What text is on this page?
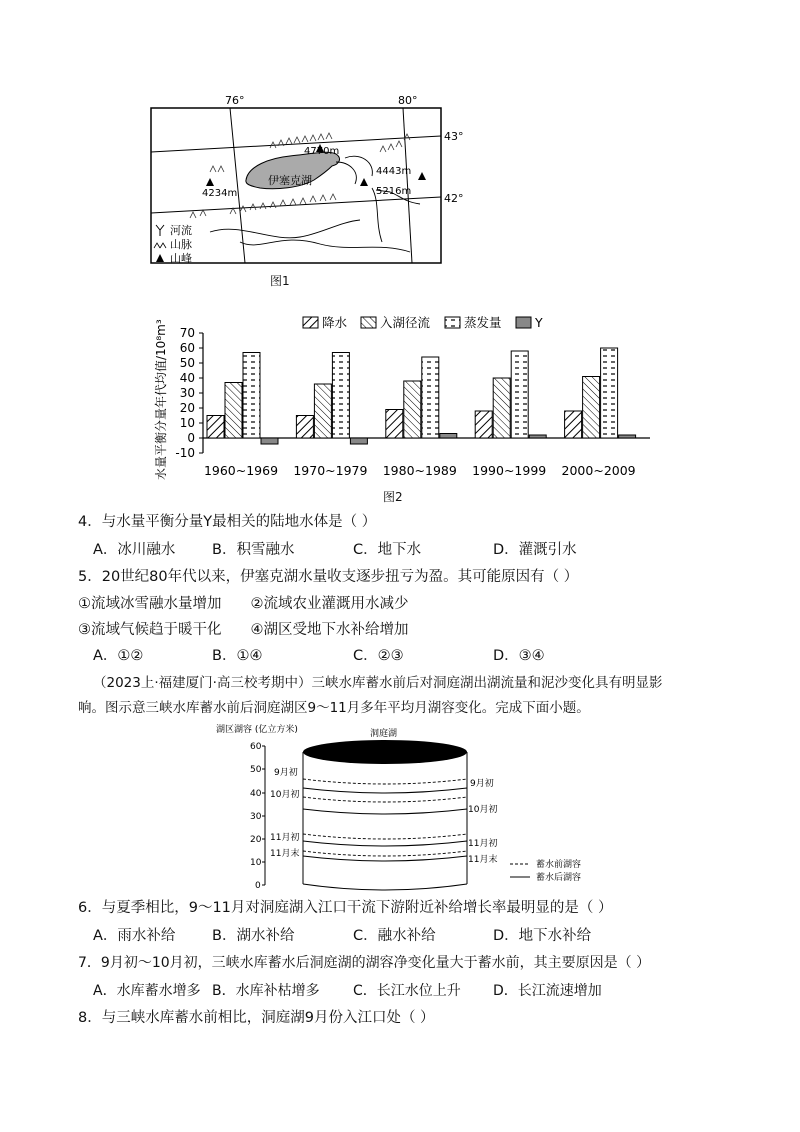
76°	80°
43°
42°
伊塞克湖
4770m
4234m
4443m
5216m
河流
山脉
山峰
图1
水量平衡分量年代均值/10⁸m³ -10
0
10
20
30
40
50
60
70
1960~1969 1970~1979 1980~1989 1990~1999 2000~2009
降水	入湖径流	蒸发量	Y
图2
4．与水量平衡分量Y最相关的陆地水体是（ ）
A．冰川融水	B．积雪融水	C．地下水	D．灌溉引水
5．20世纪80年代以来，伊塞克湖水量收支逐步扭亏为盈。其可能原因有（ ）
①流域冰雪融水量增加　　②流域农业灌溉用水减少
③流域气候趋于暖干化　　④湖区受地下水补给增加
A．①②	B．①④	C．②③	D．③④
（2023上·福建厦门·高三校考期中）三峡水库蓄水前后对洞庭湖出湖流量和泥沙变化具有明显影
响。图示意三峡水库蓄水前后洞庭湖区9～11月多年平均月湖容变化。完成下面小题。
湖区湖容 (亿立方米)	洞庭湖
60
50
40
30
20
10
0
9月初
10月初
11月初
11月末
9月初
10月初
11月初
11月末	蓄水前湖容
蓄水后湖容
6．与夏季相比，9～11月对洞庭湖入江口干流下游附近补给增长率最明显的是（ ）
A．雨水补给	B．湖水补给	C．融水补给	D．地下水补给
7．9月初～10月初，三峡水库蓄水后洞庭湖的湖容净变化量大于蓄水前，其主要原因是（ ）
A．水库蓄水增多 B．水库补枯增多 C．长江水位上升 D．长江流速增加
8．与三峡水库蓄水前相比，洞庭湖9月份入江口处（ ）
